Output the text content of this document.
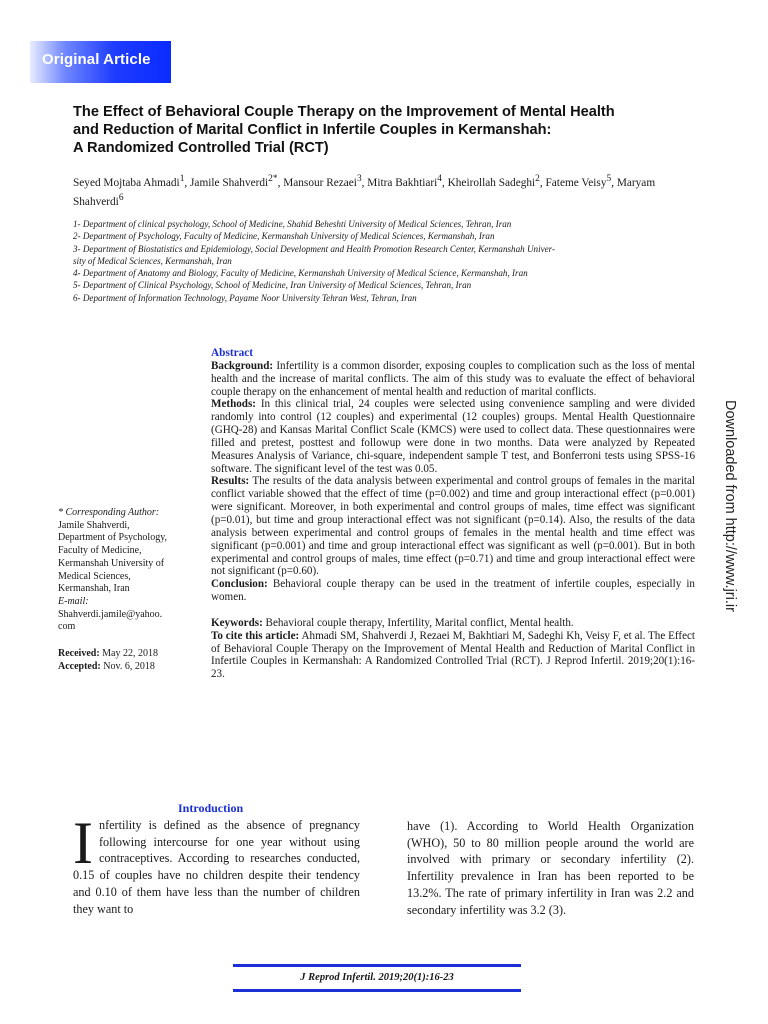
Original Article
The Effect of Behavioral Couple Therapy on the Improvement of Mental Health
and Reduction of Marital Conflict in Infertile Couples in Kermanshah:
A Randomized Controlled Trial (RCT)
Seyed Mojtaba Ahmadi$^1$, Jamile Shahverdi$^{2*}$, Mansour Rezaei$^3$, Mitra Bakhtiari$^4$, Kheirollah Sadeghi$^2$, Fateme Veisy$^5$, Maryam Shahverdi$^6$
1- Department of clinical psychology, School of Medicine, Shahid Beheshti University of Medical Sciences, Tehran, Iran
2- Department of Psychology, Faculty of Medicine, Kermanshah University of Medical Sciences, Kermanshah, Iran
3- Department of Biostatistics and Epidemiology, Social Development and Health Promotion Research Center, Kermanshah Univer-
sity of Medical Sciences, Kermanshah, Iran
4- Department of Anatomy and Biology, Faculty of Medicine, Kermanshah University of Medical Science, Kermanshah, Iran
5- Department of Clinical Psychology, School of Medicine, Iran University of Medical Sciences, Tehran, Iran
6- Department of Information Technology, Payame Noor University Tehran West, Tehran, Iran

Abstract

Background: Infertility is a common disorder, exposing couples to complication such as the loss of mental health and the increase of marital conflicts. The aim of this study was to evaluate the effect of behavioral couple therapy on the enhancement of mental health and reduction of marital conflicts.

Methods: In this clinical trial, 24 couples were selected using convenience sampling and were divided randomly into control (12 couples) and experimental (12 couples) groups. Mental Health Questionnaire (GHQ-28) and Kansas Marital Conflict Scale (KMCS) were used to collect data. These questionnaires were filled and pretest, posttest and followup were done in two months. Data were analyzed by Repeated Measures Analysis of Variance, chi-square, independent sample T test, and Bonferroni tests using SPSS-16 software. The significant level of the test was 0.05.

Results: The results of the data analysis between experimental and control groups of females in the marital conflict variable showed that the effect of time (p=0.002) and time and group interactional effect (p=0.001) were significant. Moreover, in both experimental and control groups of males, time effect was significant (p=0.01), but time and group interactional effect was not significant (p=0.14). Also, the results of the data analysis between experimental and control groups of females in the mental health and time effect was significant (p=0.001) and time and group interactional effect was significant as well (p=0.001). But in both experimental and control groups of males, time effect (p=0.71) and time and group interactional effect were not significant (p=0.60).

Conclusion: Behavioral couple therapy can be used in the treatment of infertile couples, especially in women.

Keywords: Behavioral couple therapy, Infertility, Marital conflict, Mental health.

To cite this article: Ahmadi SM, Shahverdi J, Rezaei M, Bakhtiari M, Sadeghi Kh, Veisy F, et al. The Effect of Behavioral Couple Therapy on the Improvement of Mental Health and Reduction of Marital Conflict in Infertile Couples in Kermanshah: A Randomized Controlled Trial (RCT). J Reprod Infertil. 2019;20(1):16-23.

* Corresponding Author:
Jamile Shahverdi,
Department of Psychology,
Faculty of Medicine,
Kermanshah University of
Medical Sciences,
Kermanshah, Iran
E-mail:
Shahverdi.jamile@yahoo.
com
Received: May 22, 2018
Accepted: Nov. 6, 2018
Downloaded from http://www.jri.ir
Introduction
Infertility is defined as the absence of pregnancy following intercourse for one year without using contraceptives. According to researches conducted, 0.15 of couples have no children despite their tendency and 0.10 of them have less than the number of children they want to
have (1). According to World Health Organization (WHO), 50 to 80 million people around the world are involved with primary or secondary infertility (2). Infertility prevalence in Iran has been reported to be 13.2%. The rate of primary infertility in Iran was 2.2 and secondary infertility was 3.2 (3).
J Reprod Infertil. 2019;20(1):16-23
